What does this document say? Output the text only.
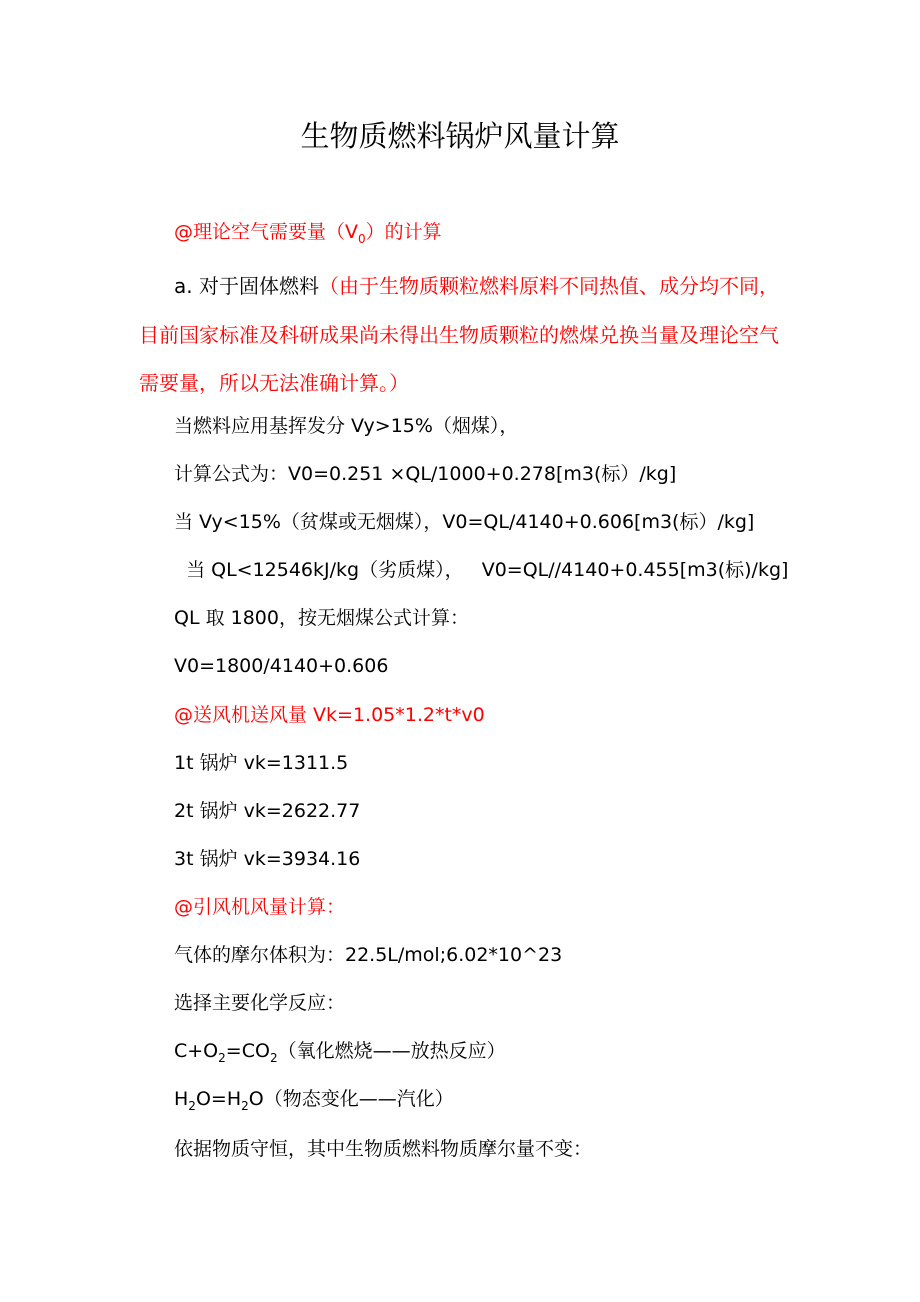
生物质燃料锅炉风量计算
@理论空气需要量$(V_0)$的计算
a. 对于固体燃料（由于生物质颗粒燃料原料不同热值、成分均不同，目前国家标准及科研成果尚未得出生物质颗粒的燃煤兑换当量及理论空气需要量，所以无法准确计算。）
当燃料应用基挥发分 Vy>15%（烟煤），
计算公式为：V0=0.251 ×QL/1000+0.278[m3(标）/kg]
当 Vy<15%（贫煤或无烟煤），V0=QL/4140+0.606[m3(标）/kg]
当 QL<12546kJ/kg（劣质煤），   V0=QL//4140+0.455[m3(标)/kg]
QL 取 1800，按无烟煤公式计算：
V0=1800/4140+0.606
@送风机送风量 Vk=1.05*1.2*t*v0
1t 锅炉 vk=1311.5
2t 锅炉 vk=2622.77
3t 锅炉 vk=3934.16
@引风机风量计算：
气体的摩尔体积为：22.5L/mol;6.02*10^23
选择主要化学反应：
$C+O_2=CO_2$（氧化燃烧——放热反应）
$H_2O=H_2O$（物态变化——汽化）
依据物质守恒，其中生物质燃料物质摩尔量不变：
